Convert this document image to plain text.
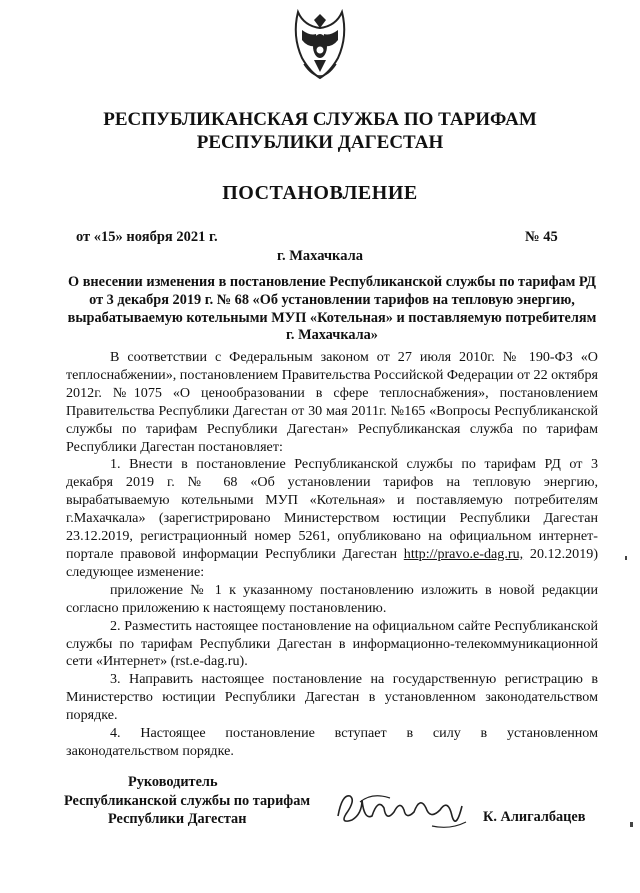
РЕСПУБЛИКАНСКАЯ СЛУЖБА ПО ТАРИФАМ
РЕСПУБЛИКИ ДАГЕСТАН
ПОСТАНОВЛЕНИЕ
от «15» ноября 2021 г.	№ 45
г. Махачкала
О внесении изменения в постановление Республиканской службы по тарифам РД от 3 декабря 2019 г. № 68 «Об установлении тарифов на тепловую энергию, вырабатываемую котельными МУП «Котельная» и поставляемую потребителям г. Махачкала»

В соответствии с Федеральным законом от 27 июля 2010г. № 190-ФЗ «О теплоснабжении», постановлением Правительства Российской Федерации от 22 октября 2012г. №1075 «О ценообразовании в сфере теплоснабжения», постановлением Правительства Республики Дагестан от 30 мая 2011г. №165 «Вопросы Республиканской службы по тарифам Республики Дагестан» Республиканская служба по тарифам Республики Дагестан постановляет:

1. Внести в постановление Республиканской службы по тарифам РД от 3 декабря 2019 г. № 68 «Об установлении тарифов на тепловую энергию, вырабатываемую котельными МУП «Котельная» и поставляемую потребителям г.Махачкала» (зарегистрировано Министерством юстиции Республики Дагестан 23.12.2019, регистрационный номер 5261, опубликовано на официальном интернет-портале правовой информации Республики Дагестан http://pravo.e-dag.ru, 20.12.2019) следующее изменение:

приложение № 1 к указанному постановлению изложить в новой редакции согласно приложению к настоящему постановлению.

2. Разместить настоящее постановление на официальном сайте Республиканской службы по тарифам Республики Дагестан в информационно-телекоммуникационной сети «Интернет» (rst.e-dag.ru).

3. Направить настоящее постановление на государственную регистрацию в Министерство юстиции Республики Дагестан в установленном законодательством порядке.

4. Настоящее постановление вступает в силу в установленном законодательством порядке.

Руководитель
Республиканской службы по тарифам
Республики Дагестан	К. Алигалбацев
